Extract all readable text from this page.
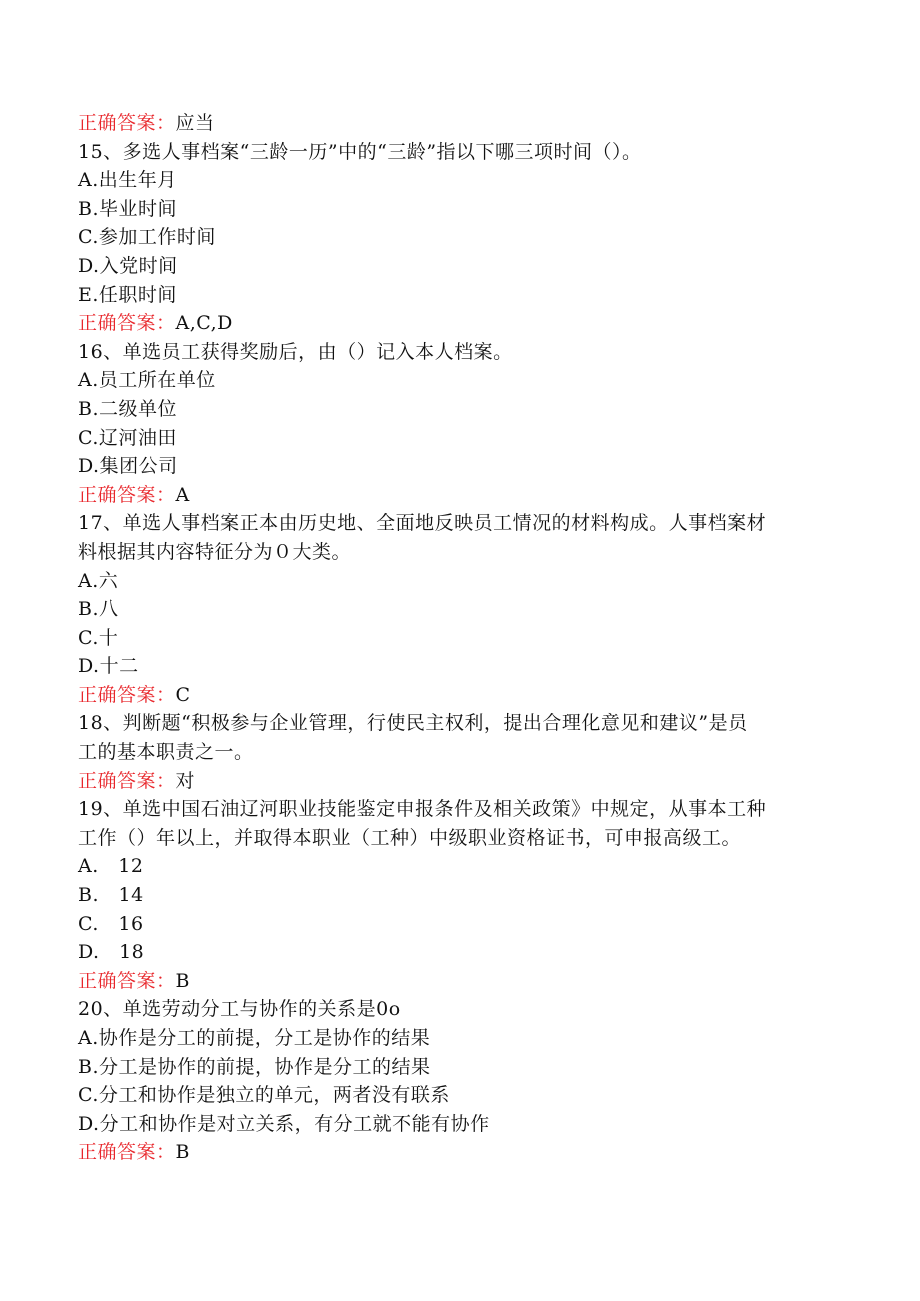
正确答案：应当
15、多选人事档案“三龄一历”中的“三龄”指以下哪三项时间（）。
A.出生年月
B.毕业时间
C.参加工作时间
D.入党时间
E.任职时间
正确答案：A,C,D
16、单选员工获得奖励后，由（）记入本人档案。
A.员工所在单位
B.二级单位
C.辽河油田
D.集团公司
正确答案：A
17、单选人事档案正本由历史地、全面地反映员工情况的材料构成。人事档案材
料根据其内容特征分为０大类。
A.六
B.八
C.十
D.十二
正确答案：C
18、判断题“积极参与企业管理，行使民主权利，提出合理化意见和建议”是员
工的基本职责之一。
正确答案：对
19、单选中国石油辽河职业技能鉴定申报条件及相关政策》中规定，从事本工种
工作（）年以上，并取得本职业（工种）中级职业资格证书，可申报高级工。
A.　12
B.　14
C.　16
D.　18
正确答案：B
20、单选劳动分工与协作的关系是0o
A.协作是分工的前提，分工是协作的结果
B.分工是协作的前提，协作是分工的结果
C.分工和协作是独立的单元，两者没有联系
D.分工和协作是对立关系，有分工就不能有协作
正确答案：B
